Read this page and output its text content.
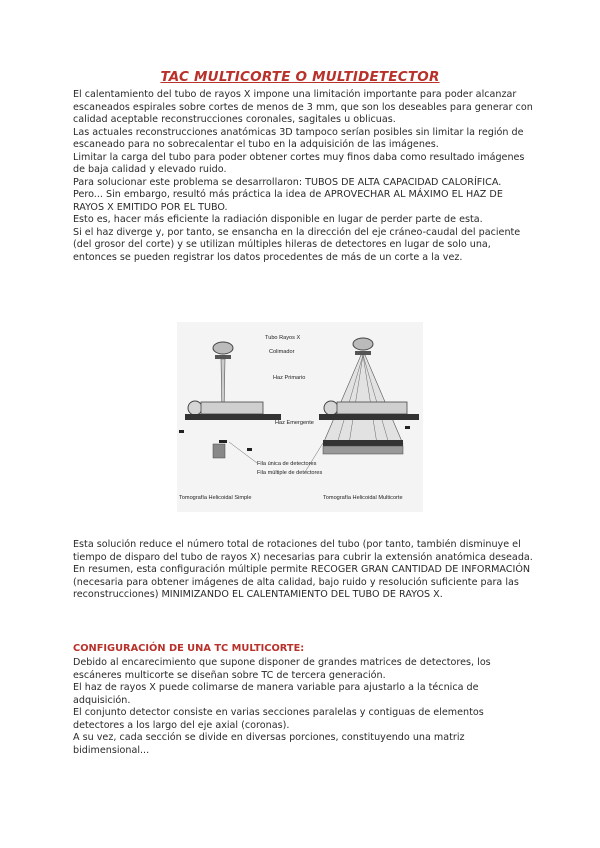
TAC MULTICORTE O MULTIDETECTOR

El calentamiento del tubo de rayos X impone una limitación importante para poder alcanzar escaneados espirales sobre cortes de menos de 3 mm, que son los deseables para generar con calidad aceptable reconstrucciones coronales, sagitales u oblicuas.

Las actuales reconstrucciones anatómicas 3D tampoco serían posibles sin limitar la región de escaneado para no sobrecalentar el tubo en la adquisición de las imágenes.

Limitar la carga del tubo para poder obtener cortes muy finos daba como resultado imágenes de baja calidad y elevado ruido.

Para solucionar este problema se desarrollaron: TUBOS DE ALTA CAPACIDAD CALORÍFICA.

Pero... Sin embargo, resultó más práctica la idea de APROVECHAR AL MÁXIMO EL HAZ DE RAYOS X EMITIDO POR EL TUBO.

Esto es, hacer más eficiente la radiación disponible en lugar de perder parte de esta.

Si el haz diverge y, por tanto, se ensancha en la dirección del eje cráneo-caudal del paciente (del grosor del corte) y se utilizan múltiples hileras de detectores en lugar de solo una, entonces se pueden registrar los datos procedentes de más de un corte a la vez.

Tubo Rayos X
Colimador
Haz Primario
Haz Emergente
Fila única de detectores
Fila múltiple de detectores
Tomografía Helicoidal Simple	Tomografía Helicoidal Multicorte

Esta solución reduce el número total de rotaciones del tubo (por tanto, también disminuye el tiempo de disparo del tubo de rayos X) necesarias para cubrir la extensión anatómica deseada.

En resumen, esta configuración múltiple permite RECOGER GRAN CANTIDAD DE INFORMACIÓN (necesaria para obtener imágenes de alta calidad, bajo ruido y resolución suficiente para las reconstrucciones) MINIMIZANDO EL CALENTAMIENTO DEL TUBO DE RAYOS X.

CONFIGURACIÓN DE UNA TC MULTICORTE:

Debido al encarecimiento que supone disponer de grandes matrices de detectores, los escáneres multicorte se diseñan sobre TC de tercera generación.

El haz de rayos X puede colimarse de manera variable para ajustarlo a la técnica de adquisición.

El conjunto detector consiste en varias secciones paralelas y contiguas de elementos detectores a los largo del eje axial (coronas).

A su vez, cada sección se divide en diversas porciones, constituyendo una matriz bidimensional...
